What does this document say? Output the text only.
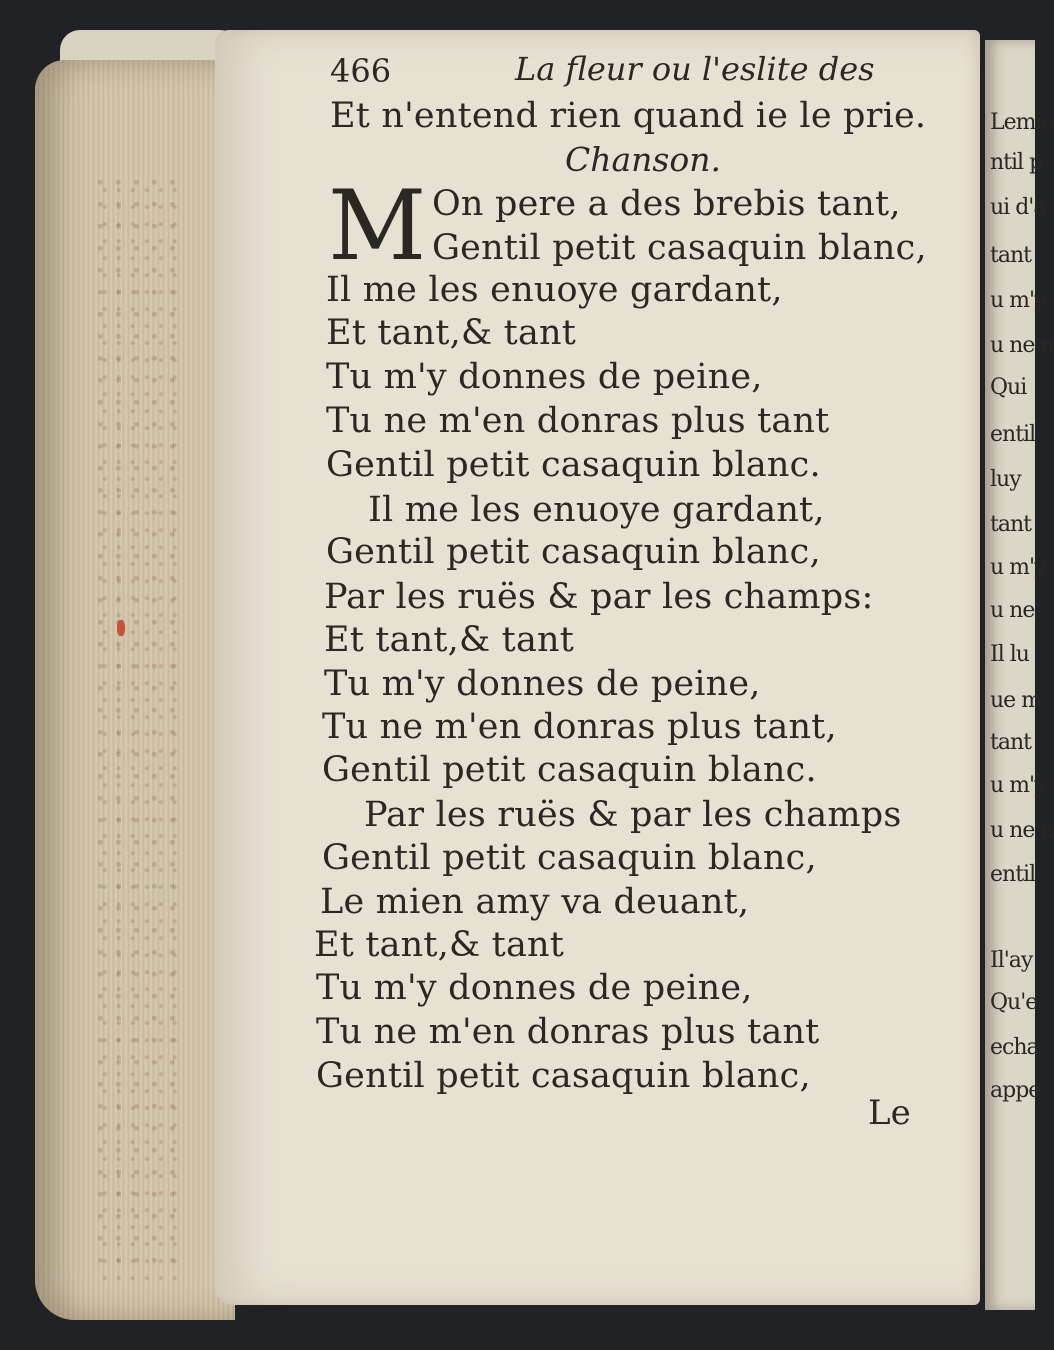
466	La fleur ou l'eslite des
Et n'entend rien quand ie le prie.
Chanson.
M On pere a des brebis tant,
Gentil petit casaquin blanc,
Il me les enuoye gardant,
Et tant,& tant
Tu m'y donnes de peine,
Tu ne m'en donras plus tant
Gentil petit casaquin blanc.
Il me les enuoye gardant,
Gentil petit casaquin blanc,
Par les ruës & par les champs:
Et tant,& tant
Tu m'y donnes de peine,
Tu ne m'en donras plus tant,
Gentil petit casaquin blanc.
Par les ruës & par les champs
Gentil petit casaquin blanc,
Le mien amy va deuant,
Et tant,& tant
Tu m'y donnes de peine,
Tu ne m'en donras plus tant
Gentil petit casaquin blanc,
Le
Lemie
ntil p
ui d'a
tant
u m'y
u ne n
Qui
entil
luy
tant
u m'y
u ne
Il lu
ue m
tant
u m'y
u ne n
entil
Il'ay
Qu'e
echa
appe
